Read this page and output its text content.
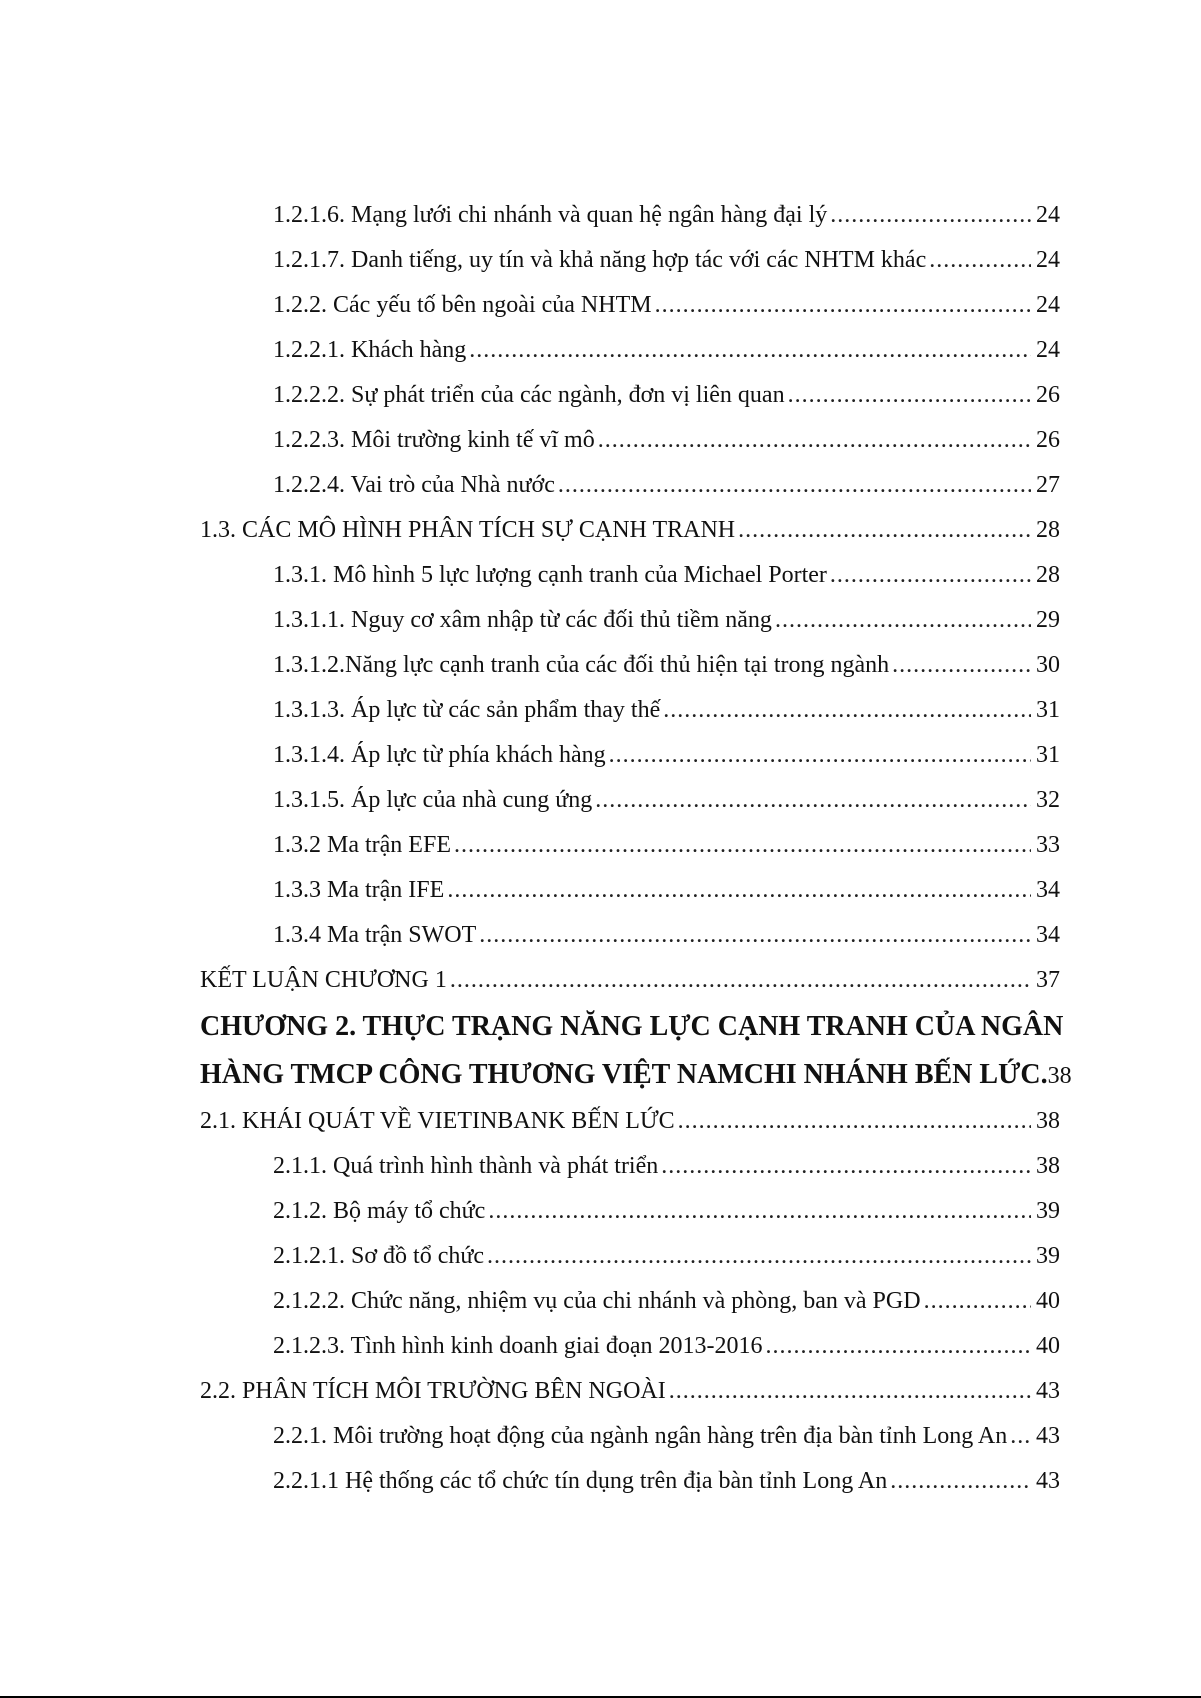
1.2.1.6. Mạng lưới chi nhánh và quan hệ ngân hàng đại lý .....	24
1.2.1.7. Danh tiếng, uy tín và khả năng hợp tác với các NHTM khác .....	24
1.2.2. Các yếu tố bên ngoài của NHTM .....	24
1.2.2.1. Khách hàng .....	24
1.2.2.2. Sự phát triển của các ngành, đơn vị liên quan .....	26
1.2.2.3. Môi trường kinh tế vĩ mô .....	26
1.2.2.4. Vai trò của Nhà nước .....	27
1.3. CÁC MÔ HÌNH PHÂN TÍCH SỰ CẠNH TRANH .....	28
1.3.1. Mô hình 5 lực lượng cạnh tranh của Michael Porter .....	28
1.3.1.1. Nguy cơ xâm nhập từ các đối thủ tiềm năng .....	29
1.3.1.2.Năng lực cạnh tranh của các đối thủ hiện tại trong ngành .....	30
1.3.1.3. Áp lực từ các sản phẩm thay thế .....	31
1.3.1.4. Áp lực từ phía khách hàng .....	31
1.3.1.5. Áp lực của nhà cung ứng .....	32
1.3.2 Ma trận EFE .....	33
1.3.3 Ma trận IFE .....	34
1.3.4 Ma trận SWOT .....	34
KẾT LUẬN CHƯƠNG 1 .....	37
CHƯƠNG 2. THỰC TRẠNG NĂNG LỰC CẠNH TRANH CỦA NGÂN
HÀNG TMCP CÔNG THƯƠNG VIỆT NAMCHI NHÁNH BẾN LỨC. 38
2.1. KHÁI QUÁT VỀ VIETINBANK BẾN LỨC .....	38
2.1.1. Quá trình hình thành và phát triển .....	38
2.1.2. Bộ máy tổ chức .....	39
2.1.2.1. Sơ đồ tổ chức .....	39
2.1.2.2. Chức năng, nhiệm vụ của chi nhánh và phòng, ban và PGD .....	40
2.1.2.3. Tình hình kinh doanh giai đoạn 2013-2016 .....	40
2.2. PHÂN TÍCH MÔI TRƯỜNG BÊN NGOÀI .....	43
2.2.1. Môi trường hoạt động của ngành ngân hàng trên địa bàn tỉnh Long An ..... 43
2.2.1.1 Hệ thống các tổ chức tín dụng trên địa bàn tỉnh Long An .....	43
